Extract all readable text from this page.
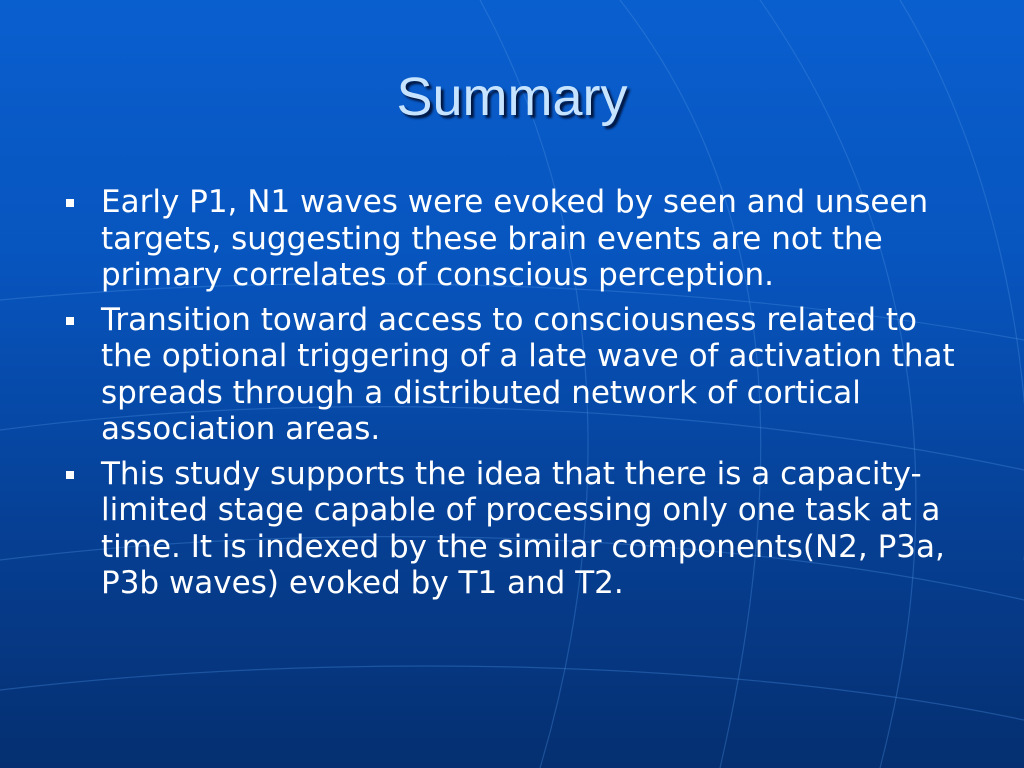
Summary
Early P1, N1 waves were evoked by seen and unseen targets, suggesting these brain events are not the primary correlates of conscious perception.
Transition toward access to consciousness related to the optional triggering of a late wave of activation that spreads through a distributed network of cortical association areas.
This study supports the idea that there is a capacity-limited stage capable of processing only one task at a time. It is indexed by the similar components(N2, P3a, P3b waves) evoked by T1 and T2.
